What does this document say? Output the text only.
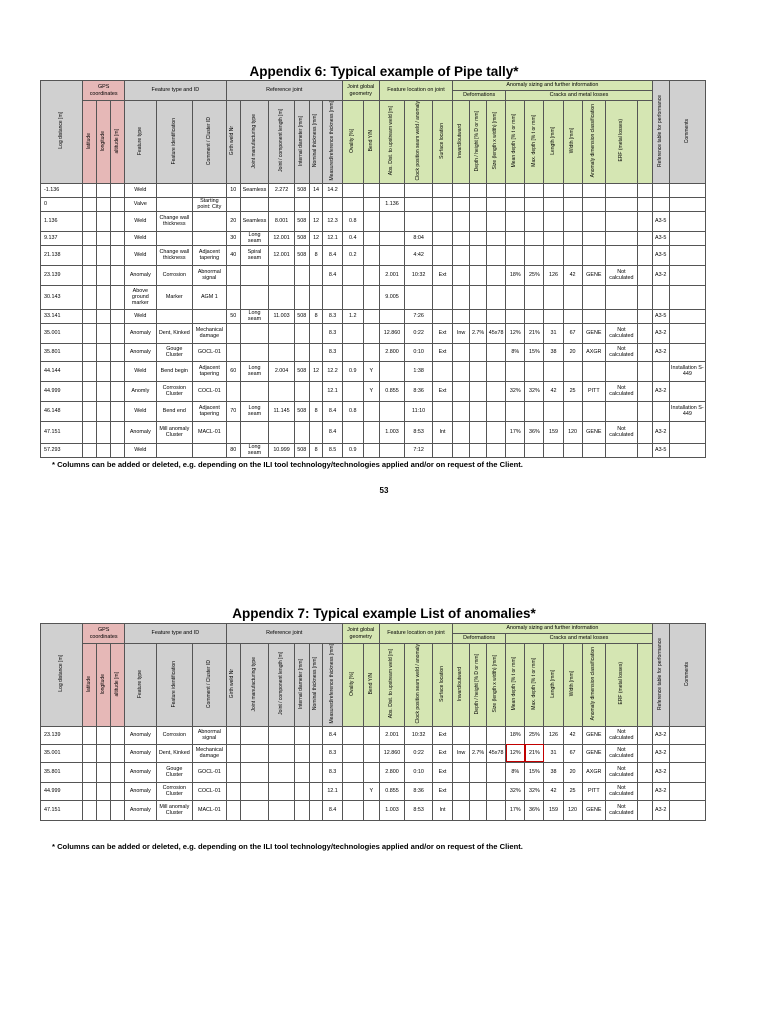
Appendix 6: Typical example of Pipe tally*
Log distance [m]	GPS coordinates			Feature type and ID			Reference joint						Joint global geometry		Feature location on joint			Anomaly sizing and further information										Reference table for performance	Comments
																		Deformations			Cracks and metal losses								
	latitude	longitude	altitude [m]	Feature type	Feature identification	Comment / Cluster ID	Girth weld Nr	Joint manufacturing type	Joint / component length [m]	Internal diameter [mm]	Nominal thickness [mm]	Measured/reference thickness [mm]	Ovality [%]	Bend Y/N	Abs. Dist. to upstream weld [m]	Clock position seam weld / anomaly	Surface location	Inward/outward	Depth / height [% D or mm]	Size (length x width) [mm]	Mean depth [% t or mm]	Max. depth [% t or mm]	Length [mm]	Width [mm]	Anomaly dimension classification	ERF (metal losses)			
-1.136				Weld			10	Seamless	2.272	508	14	14.2																	
0				Valve		Starting point: City									1.136														
1.136				Weld	Change wall thickness		20	Seamless	8.001	508	12	12.3	0.8															A3-5	
9.137				Weld			30	Long seam	12.001	508	12	12.1	0.4			8:04												A3-5	
21.138				Weld	Change wall thickness	Adjacent tapering	40	Spiral seam	12.001	508	8	8.4	0.2			4:42												A3-5	
23.139				Anomaly	Corrosion	Abnormal signal						8.4			2.001	10:32	Ext				18%	25%	126	42	GENE	Not calculated		A3-2	
30.143				Above ground marker	Marker	AGM 1									9.005														
33.141				Weld			50	Long seam	11.003	508	8	8.3	1.2			7:26												A3-5	
35.001				Anomaly	Dent, Kinked	Mechanical damage						8.3			12.860	0:22	Ext	Inw	2.7%	45x78	12%	21%	31	67	GENE	Not calculated		A3-2	
35.801				Anomaly	Gouge Cluster	GOCL-01						8.3			2.800	0:10	Ext				8%	15%	38	20	AXGR	Not calculated		A3-2	
44.144				Weld	Bend begin	Adjacent tapering	60	Long seam	2.004	508	12	12.2	0.9	Y		1:38													Installation S-449
44.999				Anomly	Corrosion Cluster	COCL-01						12.1		Y	0.855	8:36	Ext				32%	32%	42	25	PITT	Not calculated		A3-2	
46.148				Weld	Bend end	Adjacent tapering	70	Long seam	11.145	508	8	8.4	0.8			11:10													Installation S-449
47.151				Anomaly	Mill anomaly Cluster	MACL-01						8.4			1.003	8:53	Int				17%	36%	159	120	GENE	Not calculated		A3-2	
57.293				Weld			80	Long seam	10.999	508	8	8.5	0.9			7:12												A3-5	
* Columns can be added or deleted, e.g. depending on the ILI tool technology/technologies applied and/or on request of the Client.
53
Appendix 7: Typical example List of anomalies*
Log distance [m]	GPS coordinates			Feature type and ID			Reference joint						Joint global geometry		Feature location on joint			Anomaly sizing and further information										Reference table for performance	Comments
																		Deformations			Cracks and metal losses								
	latitude	longitude	altitude [m]	Feature type	Feature identification	Comment / Cluster ID	Girth weld Nr	Joint manufacturing type	Joint / component length [m]	Internal diameter [mm]	Nominal thickness [mm]	Measured/reference thickness [mm]	Ovality [%]	Bend Y/N	Abs. Dist. to upstream weld [m]	Clock position seam weld / anomaly	Surface location	Inward/outward	Depth / height [% D or mm]	Size (length x width) [mm]	Mean depth [% t or mm]	Max. depth [% t or mm]	Length [mm]	Width [mm]	Anomaly dimension classification	ERF (metal losses)			
23.139				Anomaly	Corrosion	Abnormal signal						8.4			2.001	10:32	Ext				18%	25%	126	42	GENE	Not calculated		A3-2	
35.001				Anomaly	Dent, Kinked	Mechanical damage						8.3			12.860	0:22	Ext	Inw	2.7%	45x78	12%	21%	31	67	GENE	Not calculated		A3-2	
35.801				Anomaly	Gouge Cluster	GOCL-01						8.3			2.800	0:10	Ext				8%	15%	38	20	AXGR	Not calculated		A3-2	
44.999				Anomaly	Corrosion Cluster	COCL-01						12.1		Y	0.855	8:36	Ext				32%	32%	42	25	PITT	Not calculated		A3-2	
47.151				Anomaly	Mill anomaly Cluster	MACL-01						8.4			1.003	8:53	Int				17%	36%	159	120	GENE	Not calculated		A3-2	
* Columns can be added or deleted, e.g. depending on the ILI tool technology/technologies applied and/or on request of the Client.
